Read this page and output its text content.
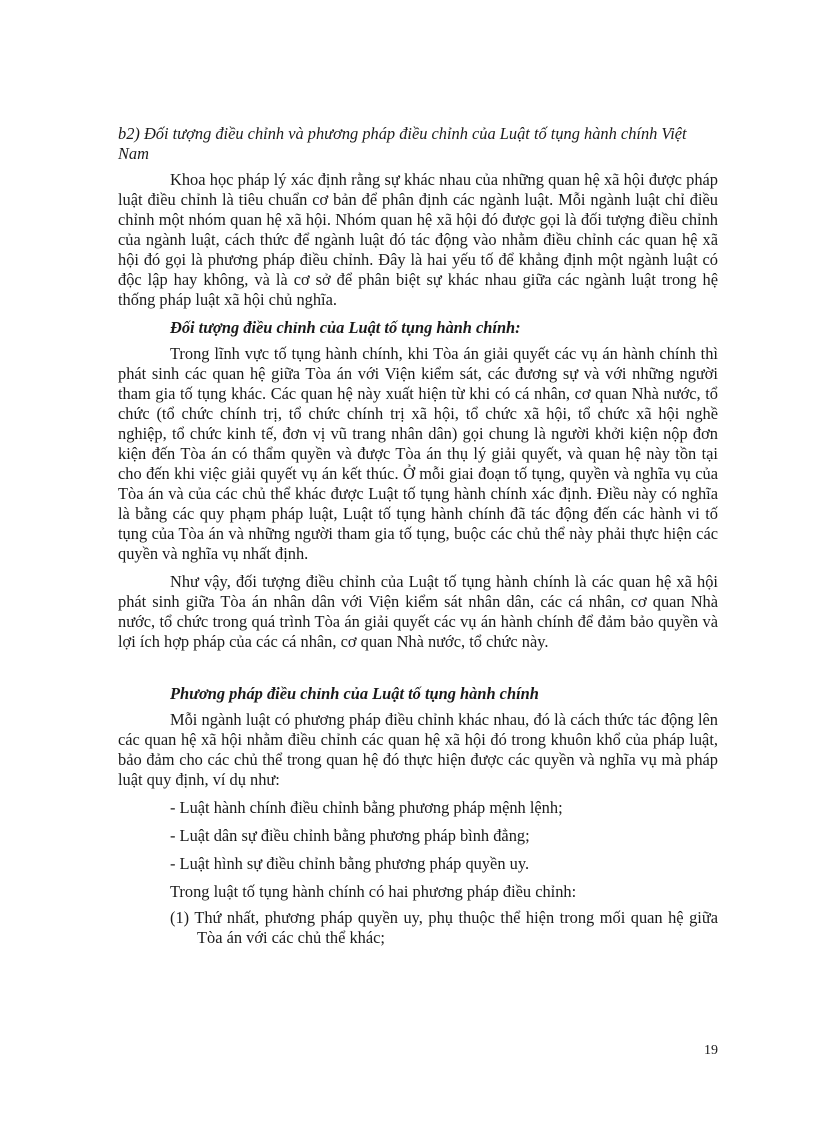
b2) Đối tượng điều chỉnh và phương pháp điều chỉnh của Luật tố tụng hành chính Việt Nam

Khoa học pháp lý xác định rằng sự khác nhau của những quan hệ xã hội được pháp luật điều chỉnh là tiêu chuẩn cơ bản để phân định các ngành luật. Mỗi ngành luật chỉ điều chỉnh một nhóm quan hệ xã hội. Nhóm quan hệ xã hội đó được gọi là đối tượng điều chỉnh của ngành luật, cách thức để ngành luật đó tác động vào nhằm điều chỉnh các quan hệ xã hội đó gọi là phương pháp điều chỉnh. Đây là hai yếu tố để khẳng định một ngành luật có độc lập hay không, và là cơ sở để phân biệt sự khác nhau giữa các ngành luật trong hệ thống pháp luật xã hội chủ nghĩa.

Đối tượng điều chỉnh của Luật tố tụng hành chính:

Trong lĩnh vực tố tụng hành chính, khi Tòa án giải quyết các vụ án hành chính thì phát sinh các quan hệ giữa Tòa án với Viện kiểm sát, các đương sự và với những người tham gia tố tụng khác. Các quan hệ này xuất hiện từ khi có cá nhân, cơ quan Nhà nước, tổ chức (tổ chức chính trị, tổ chức chính trị xã hội, tổ chức xã hội, tổ chức xã hội nghề nghiệp, tổ chức kinh tế, đơn vị vũ trang nhân dân) gọi chung là người khởi kiện nộp đơn kiện đến Tòa án có thẩm quyền và được Tòa án thụ lý giải quyết, và quan hệ này tồn tại cho đến khi việc giải quyết vụ án kết thúc. Ở mỗi giai đoạn tố tụng, quyền và nghĩa vụ của Tòa án và của các chủ thể khác được Luật tố tụng hành chính xác định. Điều này có nghĩa là bằng các quy phạm pháp luật, Luật tố tụng hành chính đã tác động đến các hành vi tố tụng của Tòa án và những người tham gia tố tụng, buộc các chủ thể này phải thực hiện các quyền và nghĩa vụ nhất định.

Như vậy, đối tượng điều chỉnh của Luật tố tụng hành chính là các quan hệ xã hội phát sinh giữa Tòa án nhân dân với Viện kiểm sát nhân dân, các cá nhân, cơ quan Nhà nước, tổ chức trong quá trình Tòa án giải quyết các vụ án hành chính để đảm bảo quyền và lợi ích hợp pháp của các cá nhân, cơ quan Nhà nước, tổ chức này.

Phương pháp điều chỉnh của Luật tố tụng hành chính

Mỗi ngành luật có phương pháp điều chỉnh khác nhau, đó là cách thức tác động lên các quan hệ xã hội nhằm điều chỉnh các quan hệ xã hội đó trong khuôn khổ của pháp luật, bảo đảm cho các chủ thể trong quan hệ đó thực hiện được các quyền và nghĩa vụ mà pháp luật quy định, ví dụ như:

- Luật hành chính điều chỉnh bằng phương pháp mệnh lệnh;

- Luật dân sự điều chỉnh bằng phương pháp bình đẳng;

- Luật hình sự điều chỉnh bằng phương pháp quyền uy.

Trong luật tố tụng hành chính có hai phương pháp điều chỉnh:

(1) Thứ nhất, phương pháp quyền uy, phụ thuộc thể hiện trong mối quan hệ giữa Tòa án với các chủ thể khác;

19
